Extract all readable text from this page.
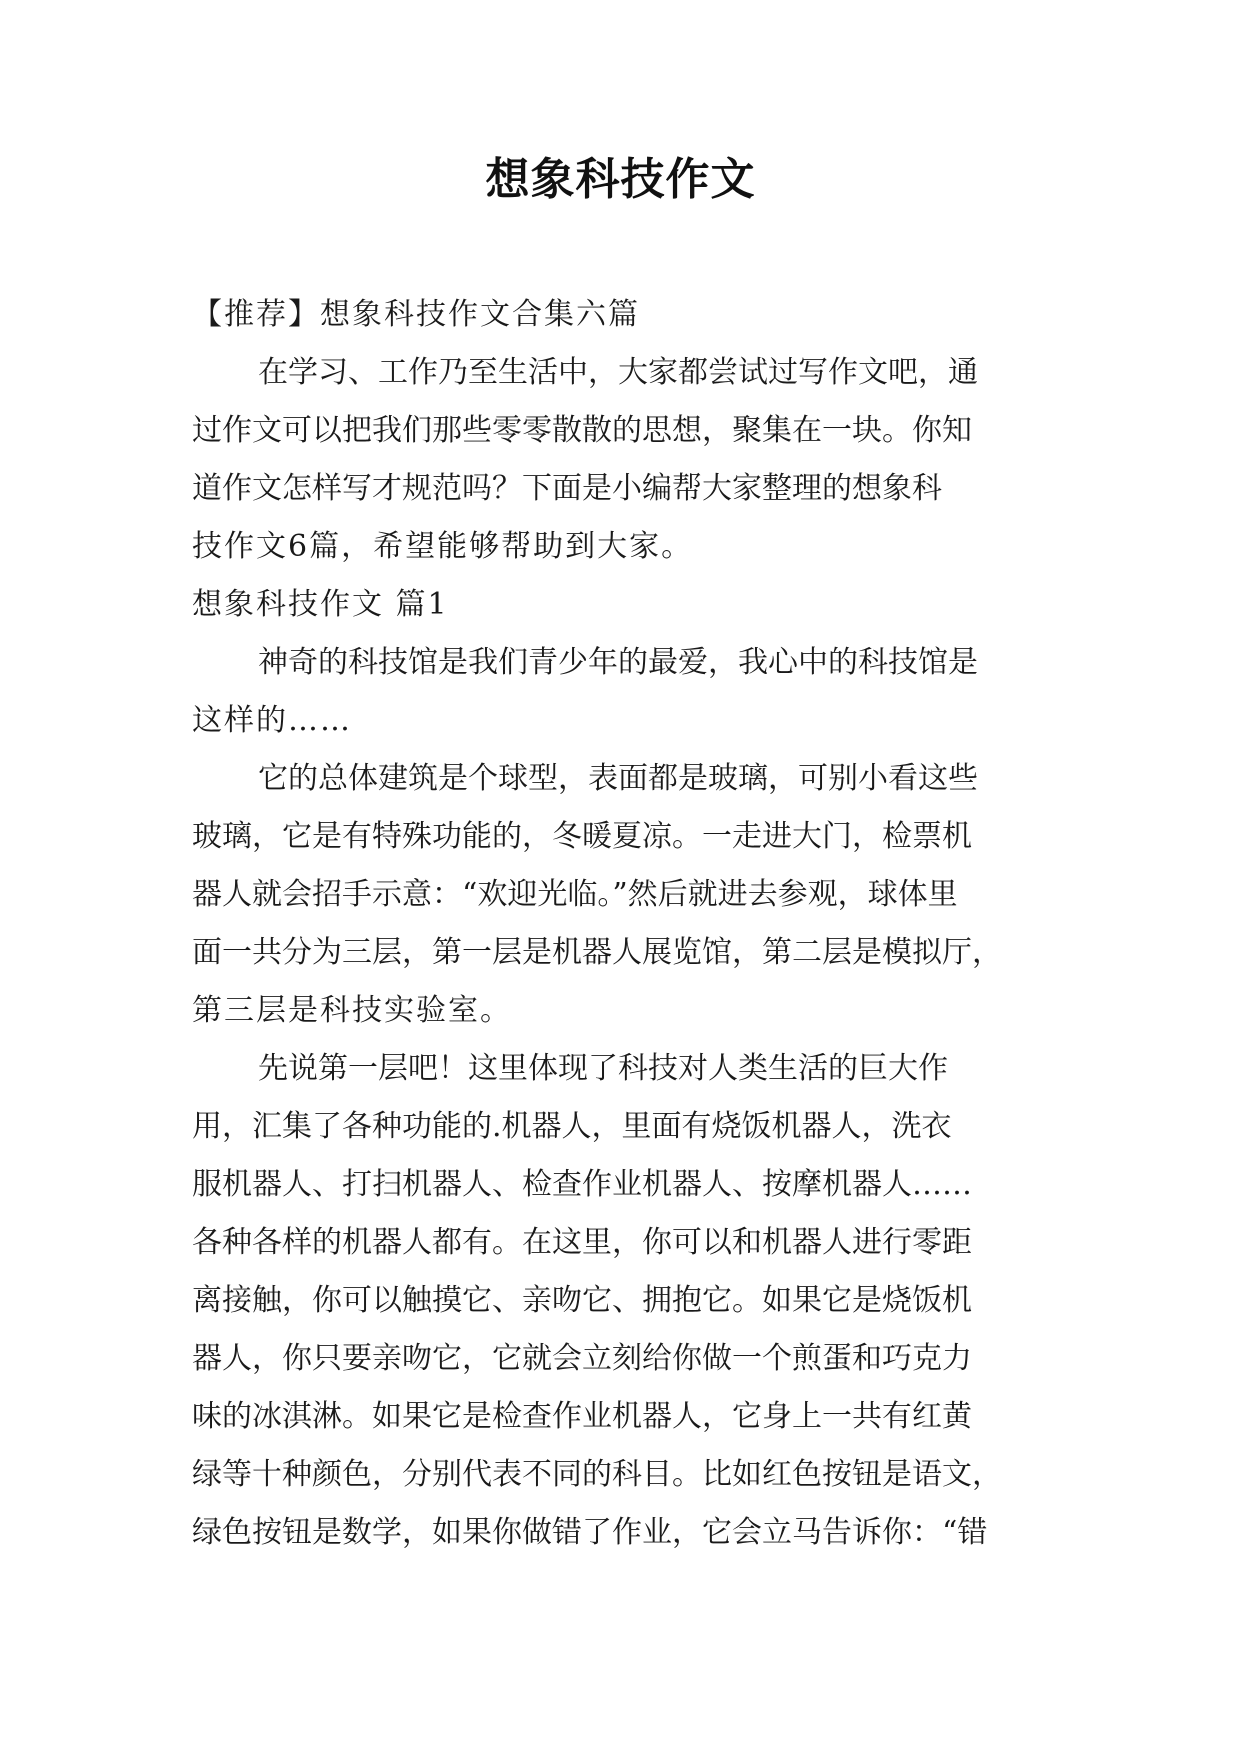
想象科技作文
【推荐】想象科技作文合集六篇
在学习、工作乃至生活中，大家都尝试过写作文吧，通
过作文可以把我们那些零零散散的思想，聚集在一块。你知
道作文怎样写才规范吗？下面是小编帮大家整理的想象科
技作文6篇，希望能够帮助到大家。
想象科技作文 篇1
神奇的科技馆是我们青少年的最爱，我心中的科技馆是
这样的……
它的总体建筑是个球型，表面都是玻璃，可别小看这些
玻璃，它是有特殊功能的，冬暖夏凉。一走进大门，检票机
器人就会招手示意：“欢迎光临。”然后就进去参观，球体里
面一共分为三层，第一层是机器人展览馆，第二层是模拟厅，
第三层是科技实验室。
先说第一层吧！这里体现了科技对人类生活的巨大作
用，汇集了各种功能的.机器人，里面有烧饭机器人，洗衣
服机器人、打扫机器人、检查作业机器人、按摩机器人……
各种各样的机器人都有。在这里，你可以和机器人进行零距
离接触，你可以触摸它、亲吻它、拥抱它。如果它是烧饭机
器人，你只要亲吻它，它就会立刻给你做一个煎蛋和巧克力
味的冰淇淋。如果它是检查作业机器人，它身上一共有红黄
绿等十种颜色，分别代表不同的科目。比如红色按钮是语文，
绿色按钮是数学，如果你做错了作业，它会立马告诉你：“错
